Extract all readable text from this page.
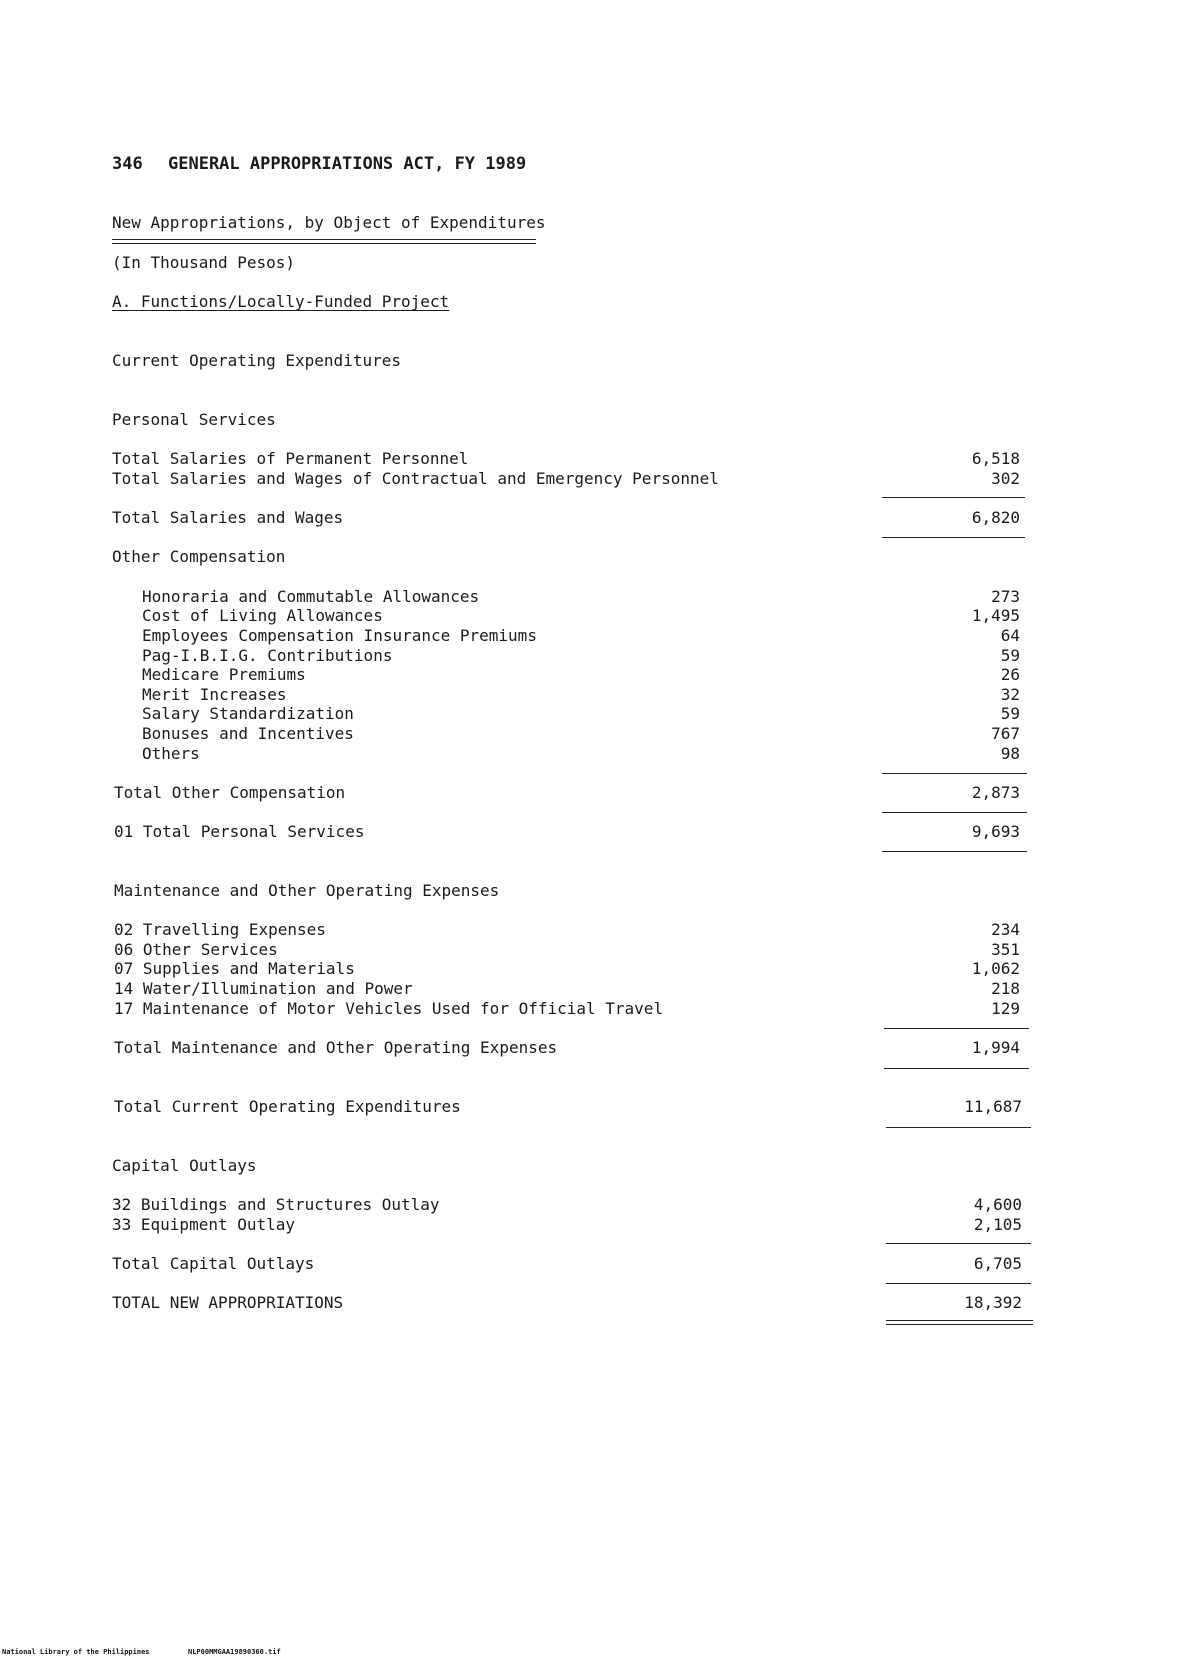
346 GENERAL APPROPRIATIONS ACT, FY 1989
New Appropriations, by Object of Expenditures
(In Thousand Pesos)
A. Functions/Locally-Funded Project
Current Operating Expenditures
Personal Services
Total Salaries of Permanent Personnel	6,518
Total Salaries and Wages of Contractual and Emergency Personnel	302
Total Salaries and Wages	6,820
Other Compensation
Honoraria and Commutable Allowances	273
Cost of Living Allowances	1,495
Employees Compensation Insurance Premiums	64
Pag-I.B.I.G. Contributions	59
Medicare Premiums	26
Merit Increases	32
Salary Standardization	59
Bonuses and Incentives	767
Others	98
Total Other Compensation	2,873
01 Total Personal Services	9,693
Maintenance and Other Operating Expenses
02 Travelling Expenses	234
06 Other Services	351
07 Supplies and Materials	1,062
14 Water/Illumination and Power	218
17 Maintenance of Motor Vehicles Used for Official Travel	129
Total Maintenance and Other Operating Expenses	1,994
Total Current Operating Expenditures	11,687
Capital Outlays
32 Buildings and Structures Outlay	4,600
33 Equipment Outlay	2,105
Total Capital Outlays	6,705
TOTAL NEW APPROPRIATIONS	18,392
National Library of the Philippines	NLP00MMGAA19890360.tif
